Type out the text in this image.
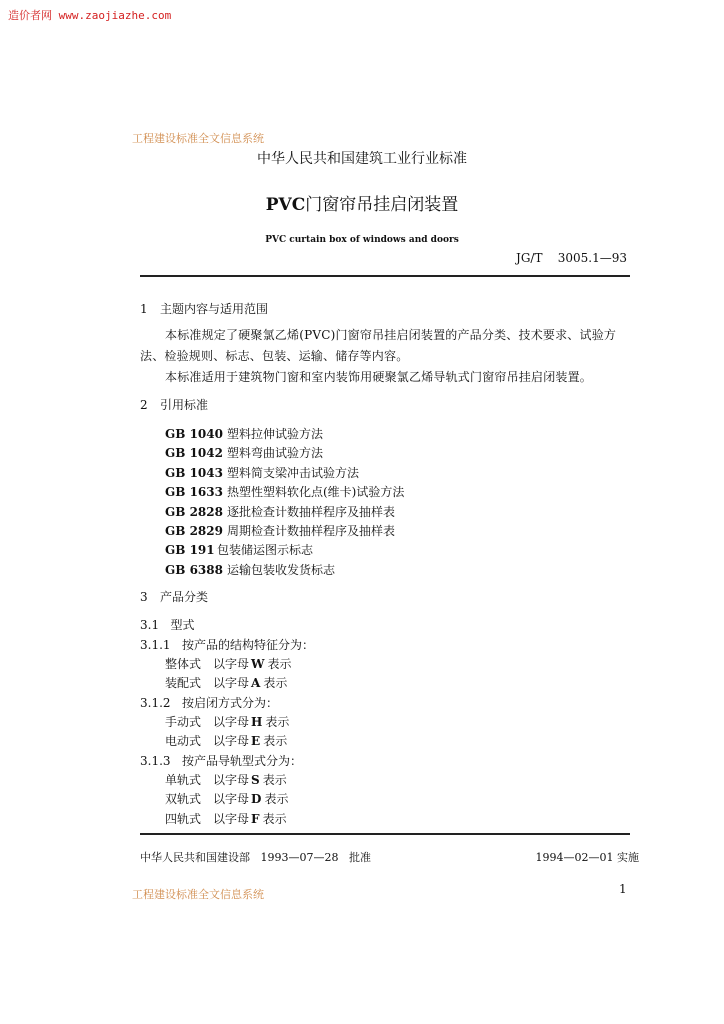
造价者网 www.zaojiazhe.com
工程建设标准全文信息系统
中华人民共和国建筑工业行业标准
PVC门窗帘吊挂启闭装置
PVC curtain box of windows and doors
JG/T    3005.1—93
1 主题内容与适用范围
本标准规定了硬聚氯乙烯(PVC)门窗帘吊挂启闭装置的产品分类、技术要求、试验方
法、检验规则、标志、包装、运输、储存等内容。
本标准适用于建筑物门窗和室内装饰用硬聚氯乙烯导轨式门窗帘吊挂启闭装置。
2 引用标准
GB 1040 塑料拉伸试验方法
GB 1042 塑料弯曲试验方法
GB 1043 塑料简支梁冲击试验方法
GB 1633 热塑性塑料软化点(维卡)试验方法
GB 2828 逐批检查计数抽样程序及抽样表
GB 2829 周期检查计数抽样程序及抽样表
GB 191 包装储运图示标志
GB 6388 运输包装收发货标志
3 产品分类
3.1   型式
3.1.1   按产品的结构特征分为：
整体式 以字母 W 表示
装配式 以字母 A 表示
3.1.2   按启闭方式分为：
手动式 以字母 H 表示
电动式 以字母 E 表示
3.1.3   按产品导轨型式分为：
单轨式 以字母 S 表示
双轨式 以字母 D 表示
四轨式 以字母 F 表示
中华人民共和国建设部   1993—07—28   批准	1994—02—01 实施
工程建设标准全文信息系统	1
